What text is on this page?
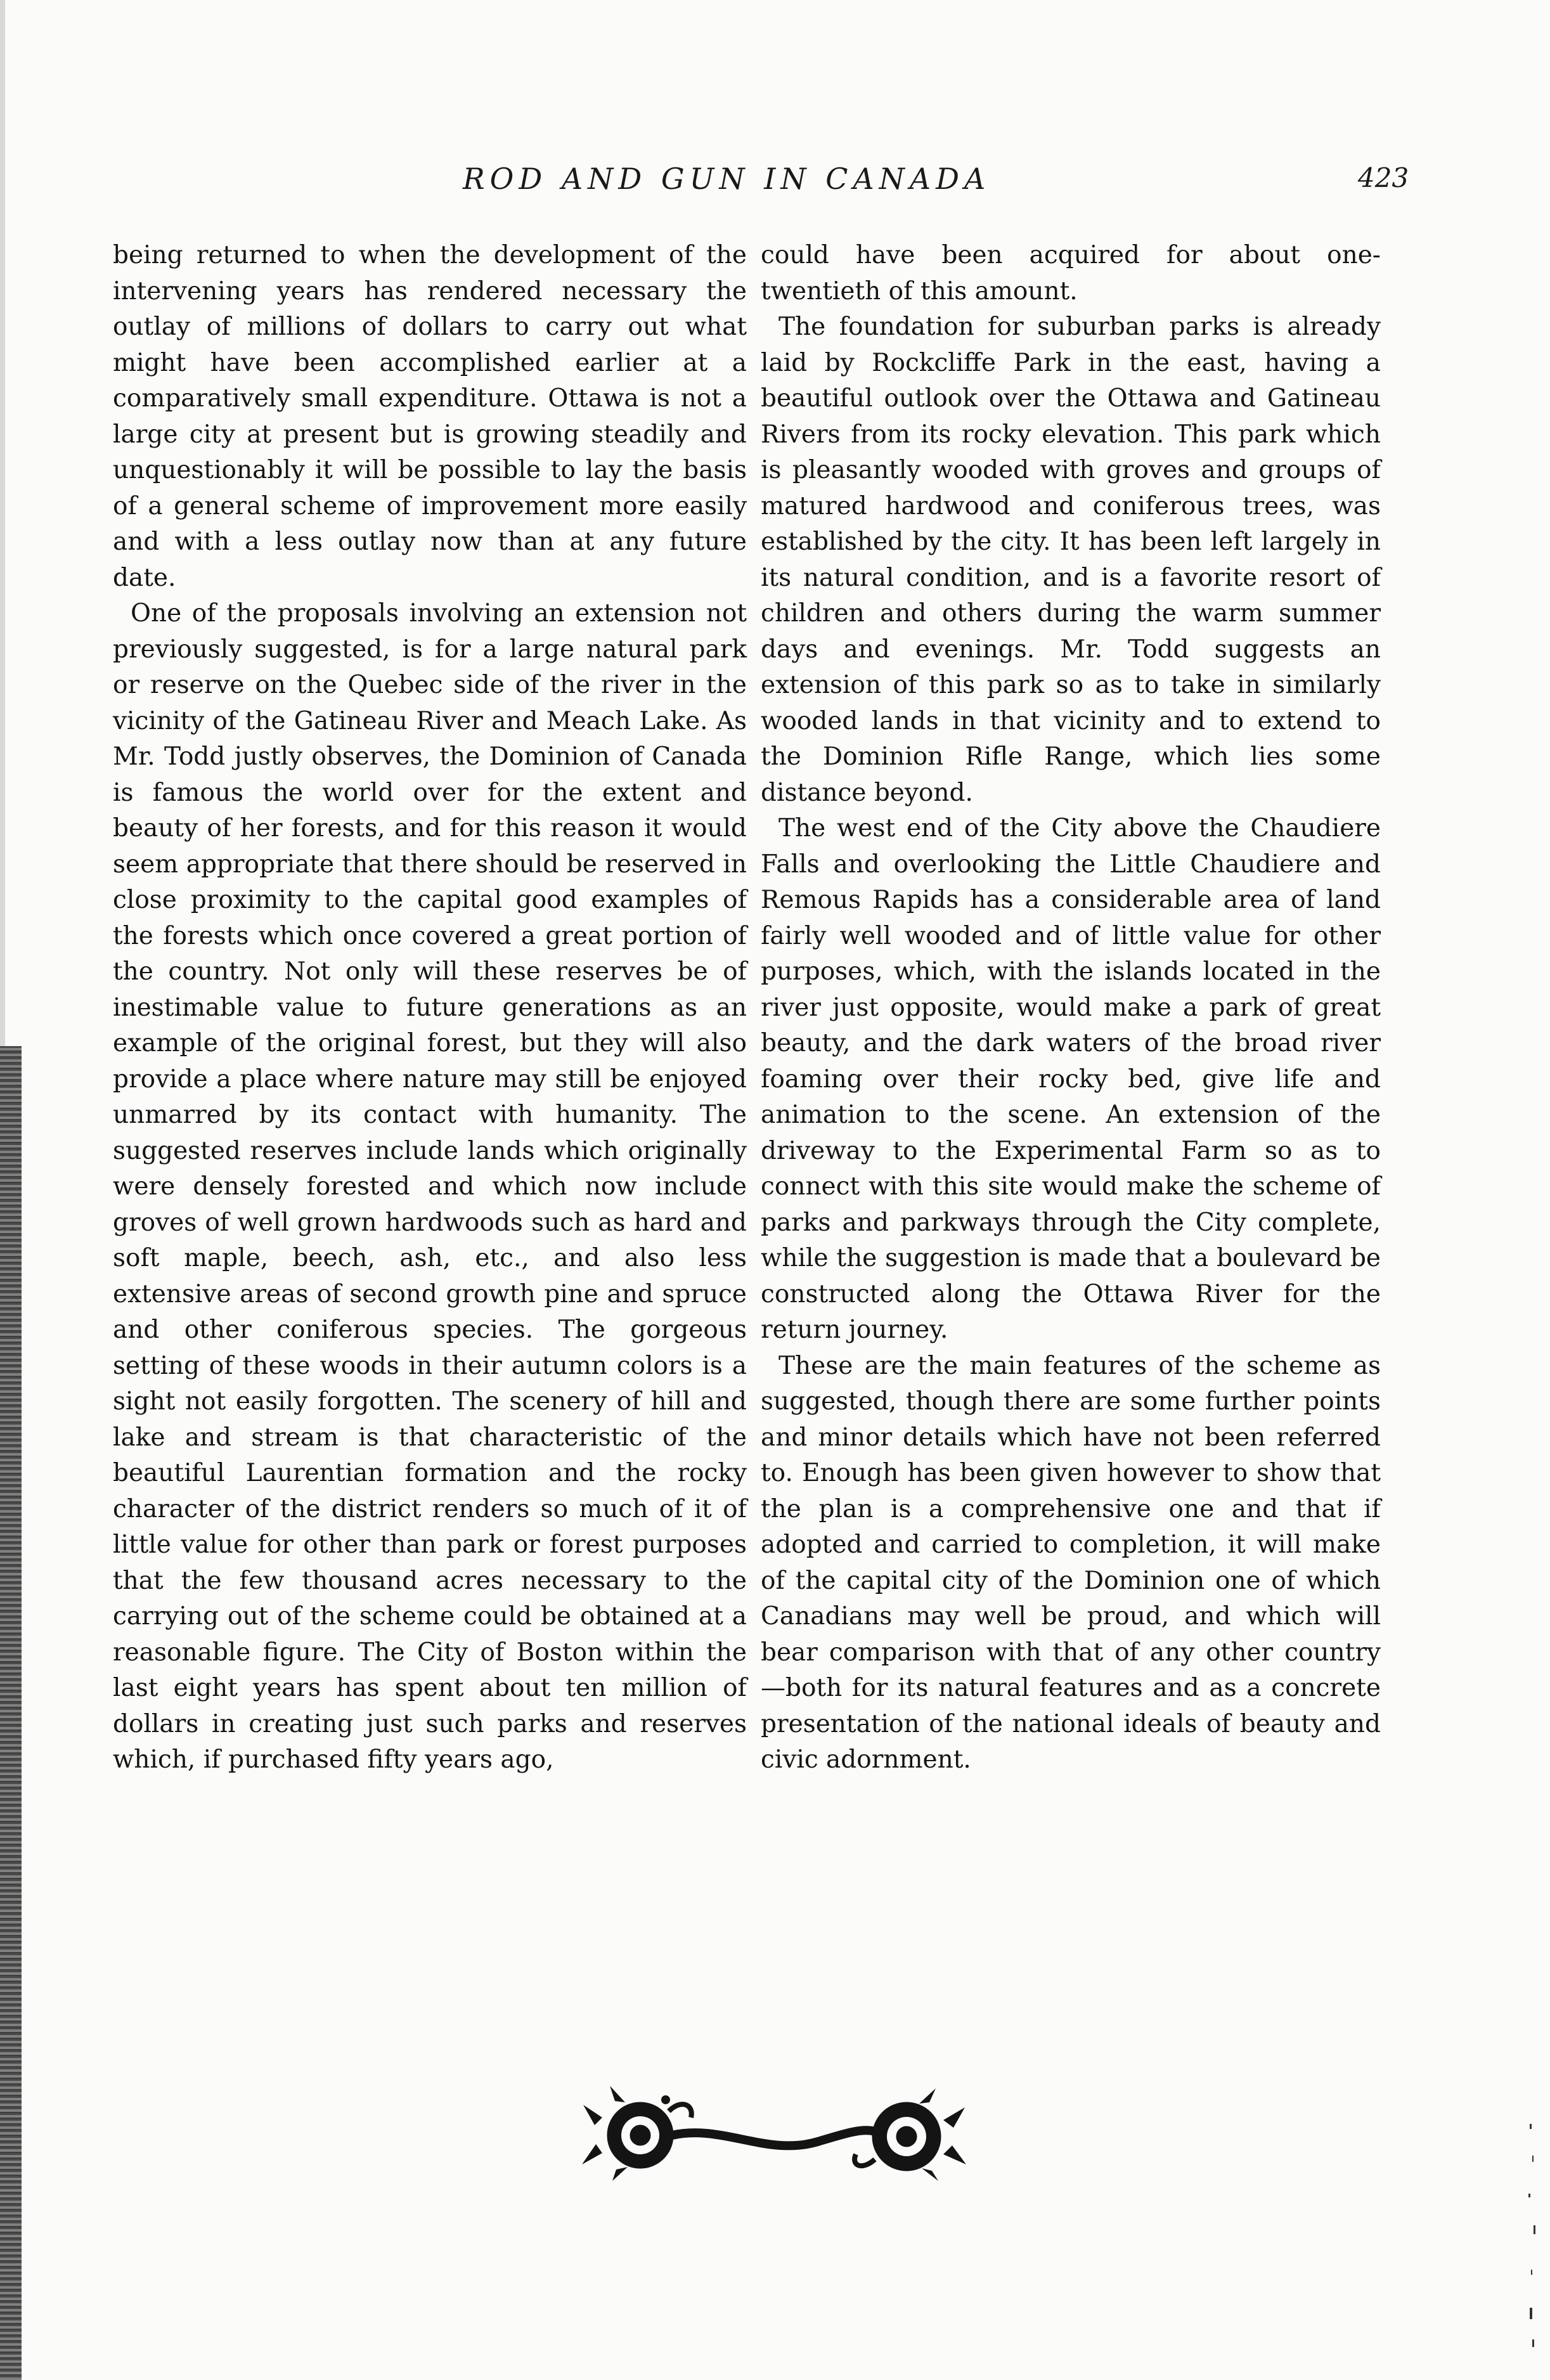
ROD AND GUN IN CANADA	423

being returned to when the development of the intervening years has rendered necessary the outlay of millions of dollars to carry out what might have been accomplished earlier at a comparatively small expenditure. Ottawa is not a large city at present but is growing steadily and unquestionably it will be possible to lay the basis of a general scheme of improvement more easily and with a less outlay now than at any future date.

One of the proposals involving an extension not previously suggested, is for a large natural park or reserve on the Quebec side of the river in the vicinity of the Gatineau River and Meach Lake. As Mr. Todd justly observes, the Dominion of Canada is famous the world over for the extent and beauty of her forests, and for this reason it would seem appropriate that there should be reserved in close proximity to the capital good examples of the forests which once covered a great portion of the country. Not only will these reserves be of inestimable value to future generations as an example of the original forest, but they will also provide a place where nature may still be enjoyed unmarred by its contact with humanity. The suggested reserves include lands which originally were densely forested and which now include groves of well grown hardwoods such as hard and soft maple, beech, ash, etc., and also less extensive areas of second growth pine and spruce and other coniferous species. The gorgeous setting of these woods in their autumn colors is a sight not easily forgotten. The scenery of hill and lake and stream is that characteristic of the beautiful Laurentian formation and the rocky character of the district renders so much of it of little value for other than park or forest purposes that the few thousand acres necessary to the carrying out of the scheme could be obtained at a reasonable figure. The City of Boston within the last eight years has spent about ten million of dollars in creating just such parks and reserves which, if purchased fifty years ago,

could have been acquired for about one-twentieth of this amount.

The foundation for suburban parks is already laid by Rockcliffe Park in the east, having a beautiful outlook over the Ottawa and Gatineau Rivers from its rocky elevation. This park which is pleasantly wooded with groves and groups of matured hardwood and coniferous trees, was established by the city. It has been left largely in its natural condition, and is a favorite resort of children and others during the warm summer days and evenings. Mr. Todd suggests an extension of this park so as to take in similarly wooded lands in that vicinity and to extend to the Dominion Rifle Range, which lies some distance beyond.

The west end of the City above the Chaudiere Falls and overlooking the Little Chaudiere and Remous Rapids has a considerable area of land fairly well wooded and of little value for other purposes, which, with the islands located in the river just opposite, would make a park of great beauty, and the dark waters of the broad river foaming over their rocky bed, give life and animation to the scene. An extension of the driveway to the Experimental Farm so as to connect with this site would make the scheme of parks and parkways through the City complete, while the suggestion is made that a boulevard be constructed along the Ottawa River for the return journey.

These are the main features of the scheme as suggested, though there are some further points and minor details which have not been referred to. Enough has been given however to show that the plan is a comprehensive one and that if adopted and carried to completion, it will make of the capital city of the Dominion one of which Canadians may well be proud, and which will bear comparison with that of any other country—both for its natural features and as a concrete presentation of the national ideals of beauty and civic adornment.
